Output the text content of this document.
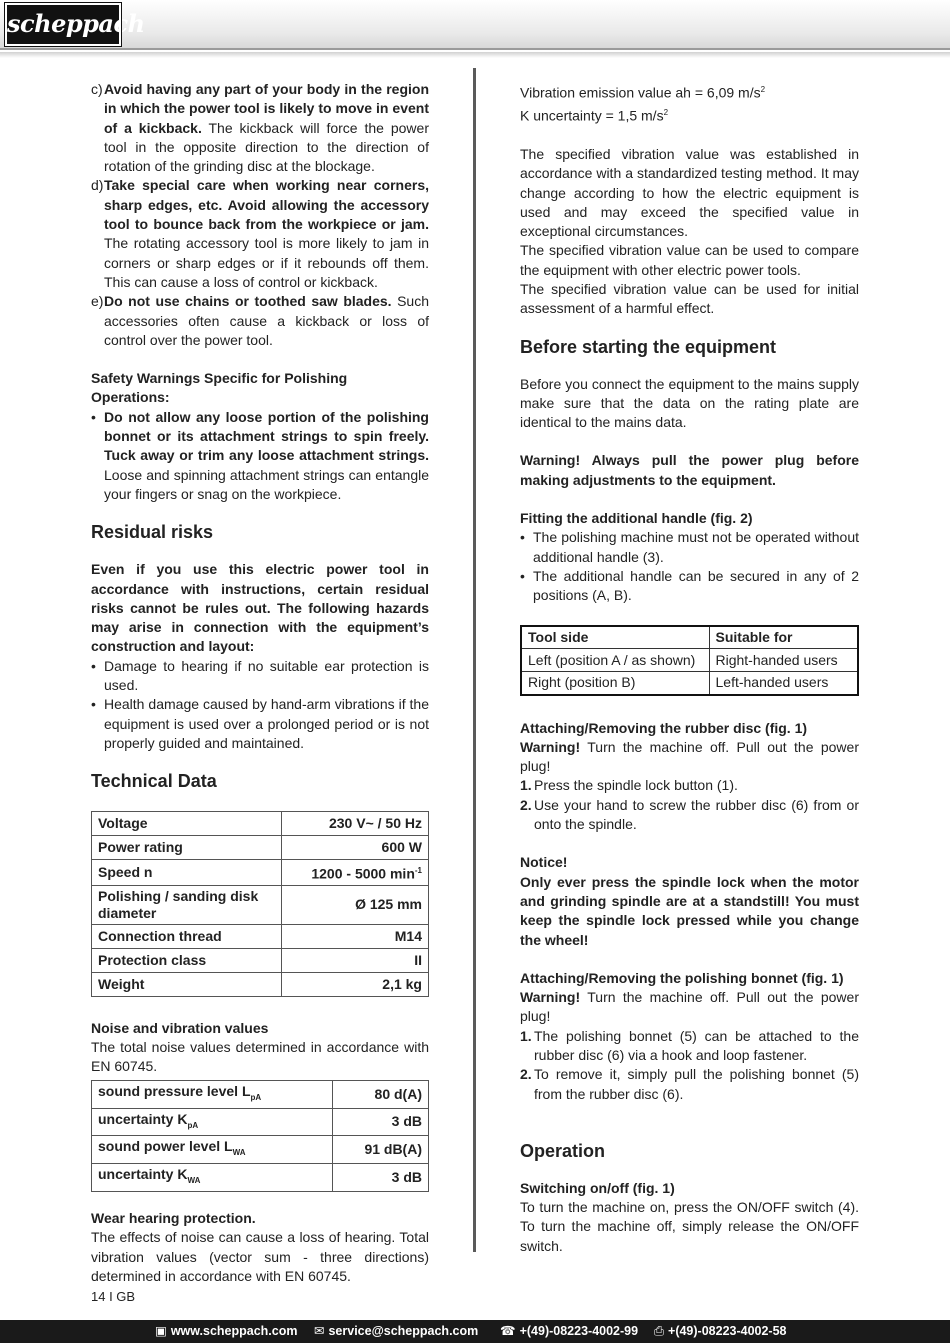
scheppach
c) Avoid having any part of your body in the region in which the power tool is likely to move in event of a kickback. The kickback will force the power tool in the opposite direction to the direction of rotation of the grinding disc at the blockage.
d) Take special care when working near corners, sharp edges, etc. Avoid allowing the accessory tool to bounce back from the workpiece or jam. The rotating accessory tool is more likely to jam in corners or sharp edges or if it rebounds off them. This can cause a loss of control or kickback.
e) Do not use chains or toothed saw blades. Such accessories often cause a kickback or loss of control over the power tool.

Safety Warnings Specific for Polishing Operations:

• Do not allow any loose portion of the polishing bonnet or its attachment strings to spin freely. Tuck away or trim any loose attachment strings. Loose and spinning attachment strings can entangle your fingers or snag on the workpiece.
Residual risks

Even if you use this electric power tool in accordance with instructions, certain residual risks cannot be rules out. The following hazards may arise in connection with the equipment’s construction and layout:

• Damage to hearing if no suitable ear protection is used.
• Health damage caused by hand-arm vibrations if the equipment is used over a prolonged period or is not properly guided and maintained.
Technical Data
Voltage	230 V~ / 50 Hz
Power rating	600 W
Speed n	1200 - 5000 $\min^{-1}$
Polishing / sanding disk diameter	Ø 125 mm
Connection thread	M14
Protection class	II
Weight	2,1 kg

Noise and vibration values

The total noise values determined in accordance with EN 60745.

sound pressure level $L_{pA}$	80 d(A)
uncertainty $K_{pA}$	3 dB
sound power level $L_{WA}$	91 dB(A)
uncertainty $K_{WA}$	3 dB

Wear hearing protection.

The effects of noise can cause a loss of hearing. Total vibration values (vector sum - three directions) determined in accordance with EN 60745.

Vibration emission value ah = 6,09 $m/s^2$

K uncertainty = 1,5 $m/s^2$

The specified vibration value was established in accordance with a standardized testing method. It may change according to how the electric equipment is used and may exceed the specified value in exceptional circumstances.

The specified vibration value can be used to compare the equipment with other electric power tools.

The specified vibration value can be used for initial assessment of a harmful effect.

Before starting the equipment

Before you connect the equipment to the mains supply make sure that the data on the rating plate are identical to the mains data.

Warning! Always pull the power plug before making adjustments to the equipment.

Fitting the additional handle (fig. 2)

• The polishing machine must not be operated without additional handle (3).
• The additional handle can be secured in any of 2 positions (A, B).
Tool side	Suitable for
Left (position A / as shown)	Right-handed users
Right (position B)	Left-handed users

Attaching/Removing the rubber disc (fig. 1)

Warning! Turn the machine off. Pull out the power plug!

1. Press the spindle lock button (1).
2. Use your hand to screw the rubber disc (6) from or onto the spindle.

Notice!

Only ever press the spindle lock when the motor and grinding spindle are at a standstill! You must keep the spindle lock pressed while you change the wheel!

Attaching/Removing the polishing bonnet (fig. 1)

Warning! Turn the machine off. Pull out the power plug!

1. The polishing bonnet (5) can be attached to the rubber disc (6) via a hook and loop fastener.
2. To remove it, simply pull the polishing bonnet (5) from the rubber disc (6).
Operation

Switching on/off (fig. 1)

To turn the machine on, press the ON/OFF switch (4). To turn the machine off, simply release the ON/OFF switch.

14 I GB
▣ www.scheppach.com ✉ service@scheppach.com ☎ +(49)-08223-4002-99 ⎙ +(49)-08223-4002-58
